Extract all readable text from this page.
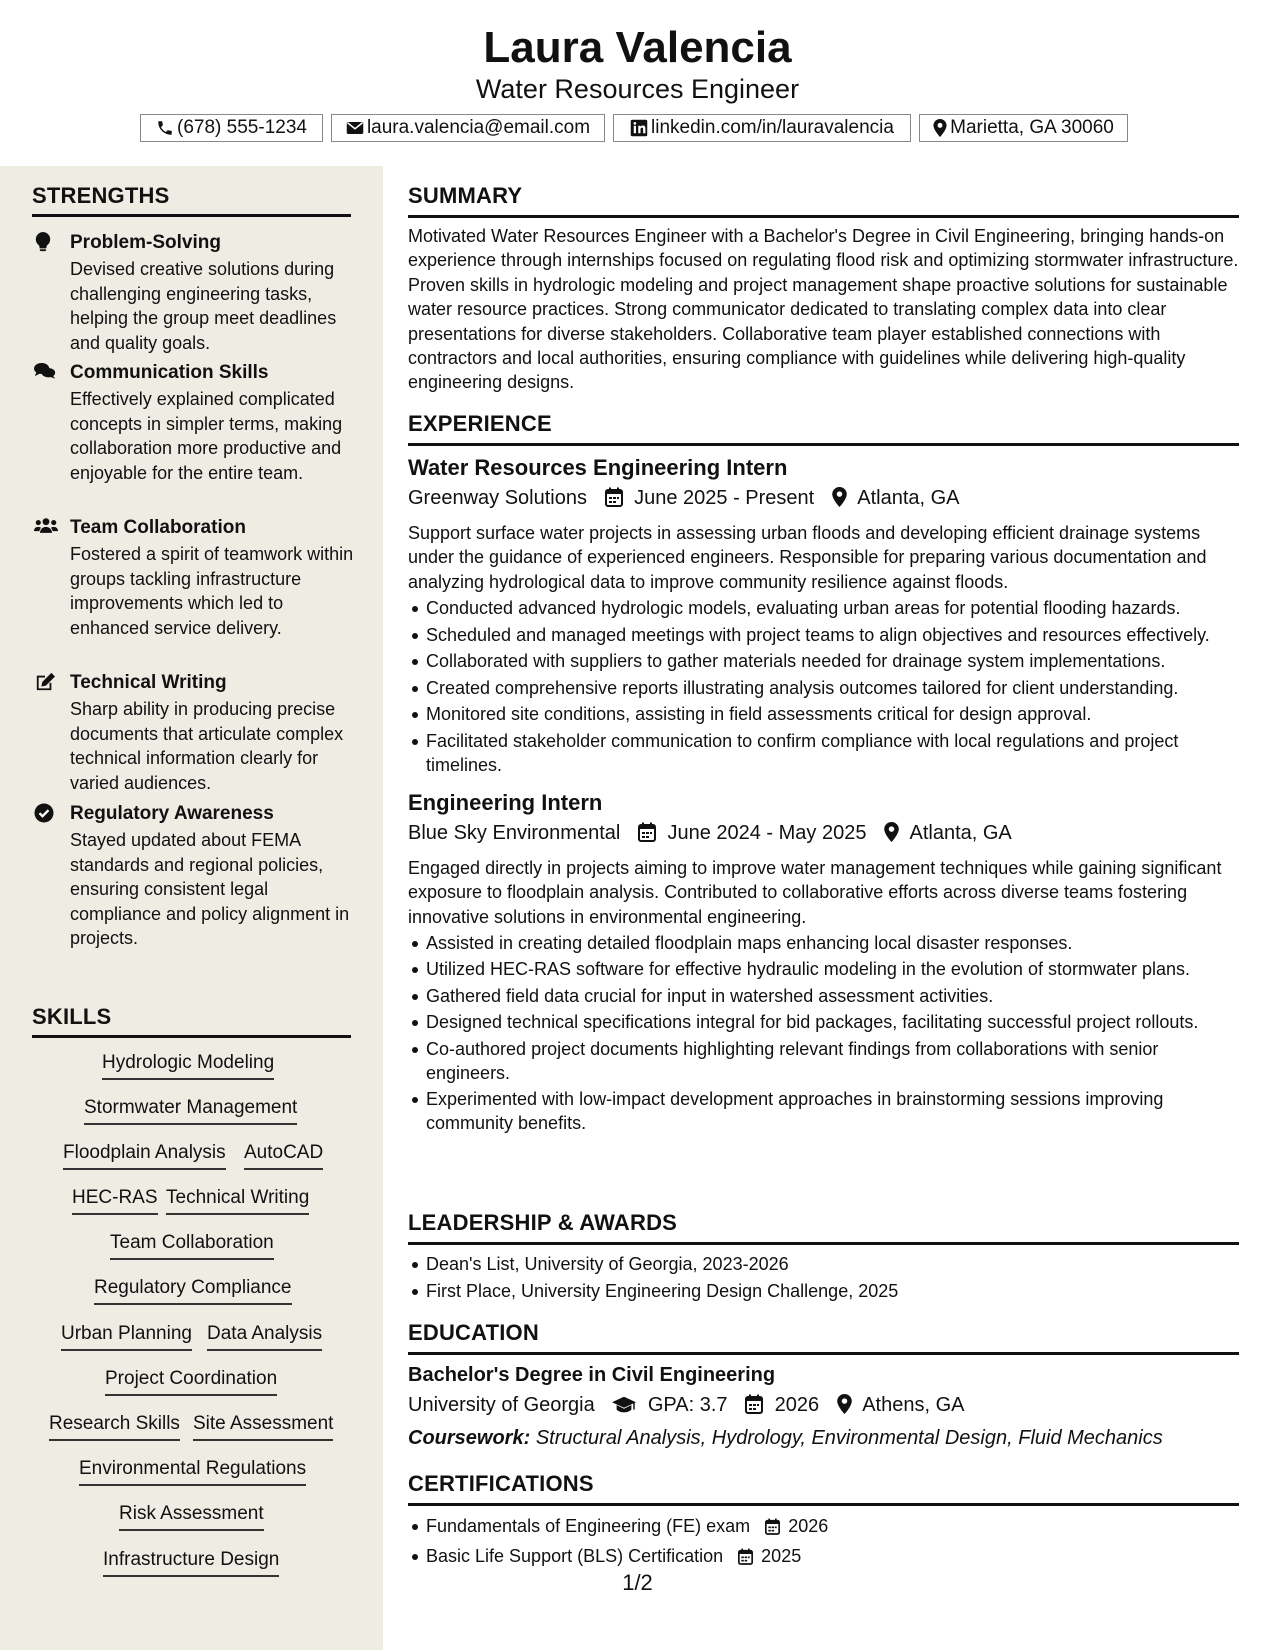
Laura Valencia
Water Resources Engineer
(678) 555-1234	laura.valencia@email.com	linkedin.com/in/lauravalencia	Marietta, GA 30060
STRENGTHS
Problem-Solving
Devised creative solutions during challenging engineering tasks, helping the group meet deadlines and quality goals.
Communication Skills
Effectively explained complicated concepts in simpler terms, making collaboration more productive and enjoyable for the entire team.
Team Collaboration
Fostered a spirit of teamwork within groups tackling infrastructure improvements which led to enhanced service delivery.
Technical Writing
Sharp ability in producing precise documents that articulate complex technical information clearly for varied audiences.
Regulatory Awareness
Stayed updated about FEMA standards and regional policies, ensuring consistent legal compliance and policy alignment in projects.
SKILLS
Hydrologic Modeling
Stormwater Management
Floodplain Analysis AutoCAD
HEC-RAS Technical Writing
Team Collaboration
Regulatory Compliance
Urban Planning Data Analysis
Project Coordination
Research Skills Site Assessment
Environmental Regulations
Risk Assessment
Infrastructure Design
SUMMARY
Motivated Water Resources Engineer with a Bachelor's Degree in Civil Engineering, bringing hands-on experience through internships focused on regulating flood risk and optimizing stormwater infrastructure. Proven skills in hydrologic modeling and project management shape proactive solutions for sustainable water resource practices. Strong communicator dedicated to translating complex data into clear presentations for diverse stakeholders. Collaborative team player established connections with contractors and local authorities, ensuring compliance with guidelines while delivering high-quality engineering designs.
EXPERIENCE
Water Resources Engineering Intern
Greenway Solutions June 2025 - Present Atlanta, GA
Support surface water projects in assessing urban floods and developing efficient drainage systems under the guidance of experienced engineers. Responsible for preparing various documentation and analyzing hydrological data to improve community resilience against floods.
Conducted advanced hydrologic models, evaluating urban areas for potential flooding hazards.
Scheduled and managed meetings with project teams to align objectives and resources effectively.
Collaborated with suppliers to gather materials needed for drainage system implementations.
Created comprehensive reports illustrating analysis outcomes tailored for client understanding.
Monitored site conditions, assisting in field assessments critical for design approval.
Facilitated stakeholder communication to confirm compliance with local regulations and project timelines.
Engineering Intern
Blue Sky Environmental June 2024 - May 2025 Atlanta, GA
Engaged directly in projects aiming to improve water management techniques while gaining significant exposure to floodplain analysis. Contributed to collaborative efforts across diverse teams fostering innovative solutions in environmental engineering.
Assisted in creating detailed floodplain maps enhancing local disaster responses.
Utilized HEC-RAS software for effective hydraulic modeling in the evolution of stormwater plans.
Gathered field data crucial for input in watershed assessment activities.
Designed technical specifications integral for bid packages, facilitating successful project rollouts.
Co-authored project documents highlighting relevant findings from collaborations with senior engineers.
Experimented with low-impact development approaches in brainstorming sessions improving community benefits.
LEADERSHIP & AWARDS
Dean's List, University of Georgia, 2023-2026
First Place, University Engineering Design Challenge, 2025
EDUCATION
Bachelor's Degree in Civil Engineering
University of Georgia	GPA: 3.7 2026 Athens, GA
Coursework: Structural Analysis, Hydrology, Environmental Design, Fluid Mechanics
CERTIFICATIONS
Fundamentals of Engineering (FE) exam 2026
Basic Life Support (BLS) Certification 2025
1/2
